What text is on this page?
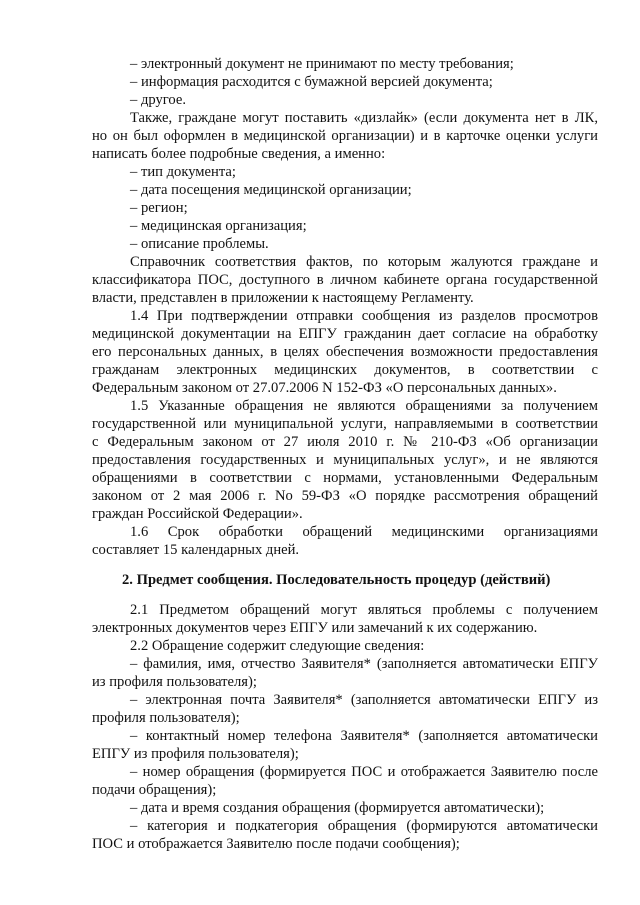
– электронный документ не принимают по месту требования;
– информация расходится с бумажной версией документа;
– другое.
Также, граждане могут поставить «дизлайк» (если документа нет в ЛК,
но он был оформлен в медицинской организации) и в карточке оценки услуги
написать более подробные сведения, а именно:
– тип документа;
– дата посещения медицинской организации;
– регион;
– медицинская организация;
– описание проблемы.
Справочник соответствия фактов, по которым жалуются граждане и
классификатора ПОС, доступного в личном кабинете органа государственной
власти, представлен в приложении к настоящему Регламенту.
1.4 При подтверждении отправки сообщения из разделов просмотров
медицинской документации на ЕПГУ гражданин дает согласие на обработку
его персональных данных, в целях обеспечения возможности предоставления
гражданам электронных медицинских документов, в соответствии с
Федеральным законом от 27.07.2006 N 152-ФЗ «О персональных данных».
1.5 Указанные обращения не являются обращениями за получением
государственной или муниципальной услуги, направляемыми в соответствии
с Федеральным законом от 27 июля 2010 г. № 210-ФЗ «Об организации
предоставления государственных и муниципальных услуг», и не являются
обращениями в соответствии с нормами, установленными Федеральным
законом от 2 мая 2006 г. No 59-ФЗ «О порядке рассмотрения обращений
граждан Российской Федерации».
1.6 Срок обработки обращений медицинскими организациями
составляет 15 календарных дней.
2. Предмет сообщения. Последовательность процедур (действий)
2.1 Предметом обращений могут являться проблемы с получением
электронных документов через ЕПГУ или замечаний к их содержанию.
2.2 Обращение содержит следующие сведения:
– фамилия, имя, отчество Заявителя* (заполняется автоматически ЕПГУ
из профиля пользователя);
– электронная почта Заявителя* (заполняется автоматически ЕПГУ из
профиля пользователя);
– контактный номер телефона Заявителя* (заполняется автоматически
ЕПГУ из профиля пользователя);
– номер обращения (формируется ПОС и отображается Заявителю после
подачи обращения);
– дата и время создания обращения (формируется автоматически);
– категория и подкатегория обращения (формируются автоматически
ПОС и отображается Заявителю после подачи сообщения);
